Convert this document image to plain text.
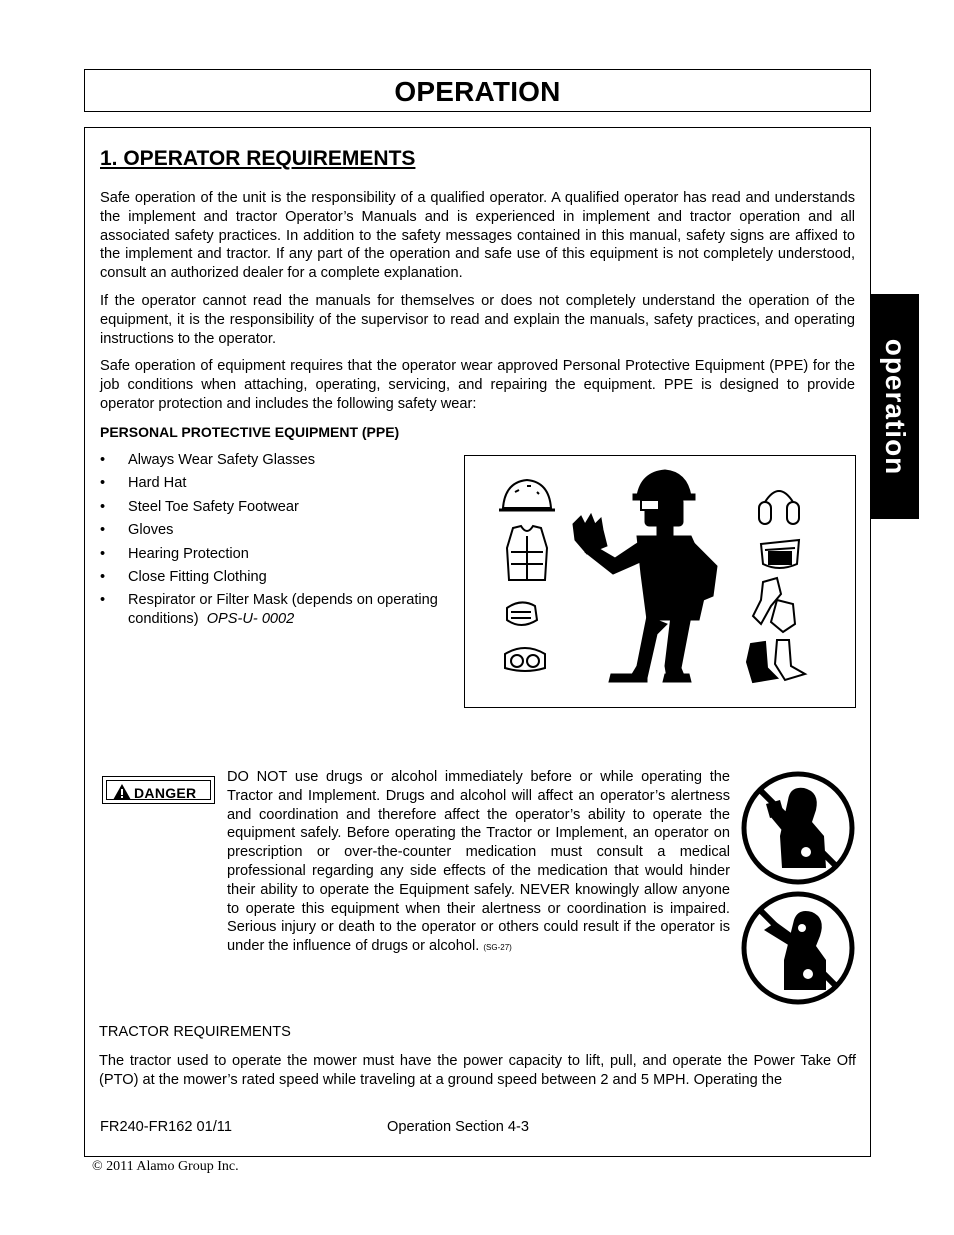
OPERATION
operation
1. OPERATOR REQUIREMENTS

Safe operation of the unit is the responsibility of a qualified operator. A qualified operator has read and understands the implement and tractor Operator’s Manuals and is experienced in implement and tractor operation and all associated safety practices. In addition to the safety messages contained in this manual, safety signs are affixed to the implement and tractor. If any part of the operation and safe use of this equipment is not completely understood, consult an authorized dealer for a complete explanation.

If the operator cannot read the manuals for themselves or does not completely understand the operation of the equipment, it is the responsibility of the supervisor to read and explain the manuals, safety practices, and operating instructions to the operator.

Safe operation of equipment requires that the operator wear approved Personal Protective Equipment (PPE) for the job conditions when attaching, operating, servicing, and repairing the equipment. PPE is designed to provide operator protection and includes the following safety wear:

PERSONAL PROTECTIVE EQUIPMENT (PPE)
• Always Wear Safety Glasses
• Hard Hat
• Steel Toe Safety Footwear
• Gloves
• Hearing Protection
• Close Fitting Clothing
• Respirator or Filter Mask (depends on operating conditions) OPS-U- 0002
DANGER

DO NOT use drugs or alcohol immediately before or while operating the Tractor and Implement. Drugs and alcohol will affect an operator’s alertness and coordination and therefore affect the operator’s ability to operate the equipment safely. Before operating the Tractor or Implement, an operator on prescription or over-the-counter medication must consult a medical professional regarding any side effects of the medication that would hinder their ability to operate the Equipment safely. NEVER knowingly allow anyone to operate this equipment when their alertness or coordination is impaired. Serious injury or death to the operator or others could result if the operator is under the influence of drugs or alcohol. (SG-27)

TRACTOR REQUIREMENTS

The tractor used to operate the mower must have the power capacity to lift, pull, and operate the Power Take Off (PTO) at the mower’s rated speed while traveling at a ground speed between 2 and 5 MPH. Operating the

FR240-FR162 01/11	Operation Section 4-3
© 2011 Alamo Group Inc.
